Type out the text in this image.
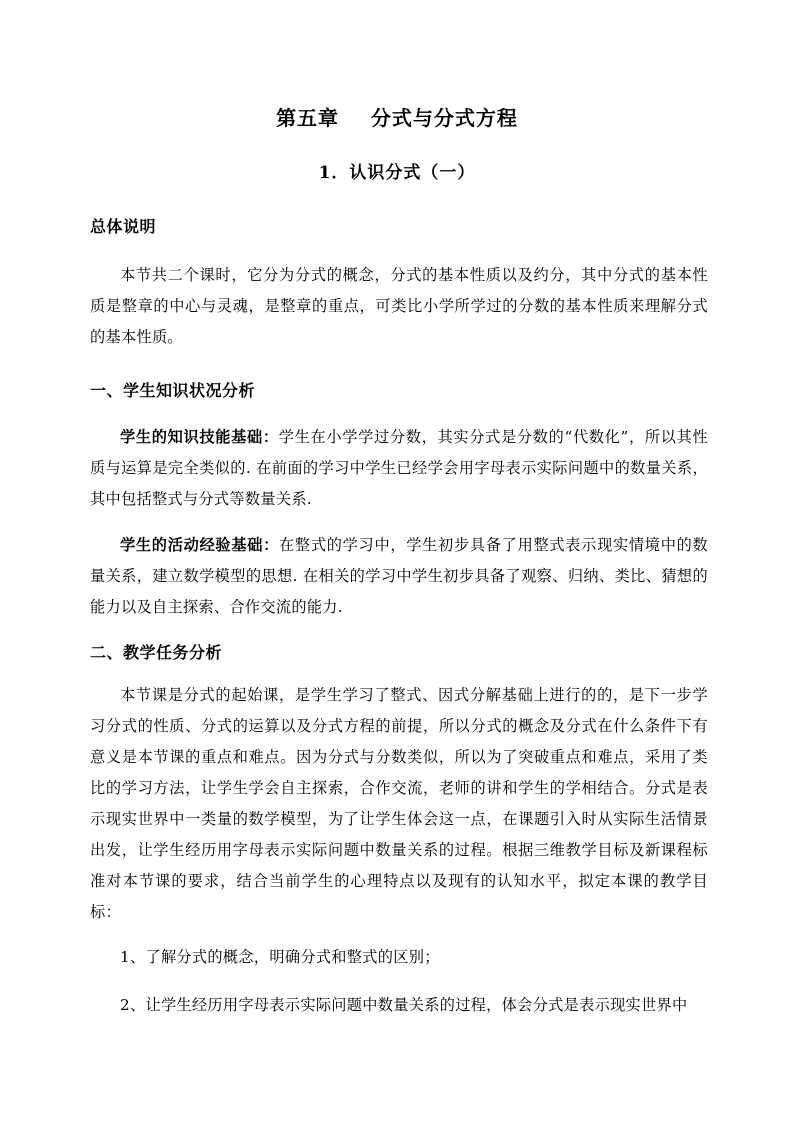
第五章    分式与分式方程
1．认识分式（一）
总体说明
本节共二个课时，它分为分式的概念，分式的基本性质以及约分，其中分式的基本性质是整章的中心与灵魂，是整章的重点，可类比小学所学过的分数的基本性质来理解分式的基本性质。
一、学生知识状况分析
学生的知识技能基础：学生在小学学过分数，其实分式是分数的“代数化”，所以其性质与运算是完全类似的. 在前面的学习中学生已经学会用字母表示实际问题中的数量关系，其中包括整式与分式等数量关系.
学生的活动经验基础：在整式的学习中，学生初步具备了用整式表示现实情境中的数量关系，建立数学模型的思想. 在相关的学习中学生初步具备了观察、归纳、类比、猜想的能力以及自主探索、合作交流的能力.
二、教学任务分析
本节课是分式的起始课，是学生学习了整式、因式分解基础上进行的的，是下一步学习分式的性质、分式的运算以及分式方程的前提，所以分式的概念及分式在什么条件下有意义是本节课的重点和难点。因为分式与分数类似，所以为了突破重点和难点，采用了类比的学习方法，让学生学会自主探索，合作交流，老师的讲和学生的学相结合。分式是表示现实世界中一类量的数学模型，为了让学生体会这一点，在课题引入时从实际生活情景出发，让学生经历用字母表示实际问题中数量关系的过程。根据三维教学目标及新课程标准对本节课的要求，结合当前学生的心理特点以及现有的认知水平，拟定本课的教学目标：
1、了解分式的概念，明确分式和整式的区别；
2、让学生经历用字母表示实际问题中数量关系的过程，体会分式是表示现实世界中
